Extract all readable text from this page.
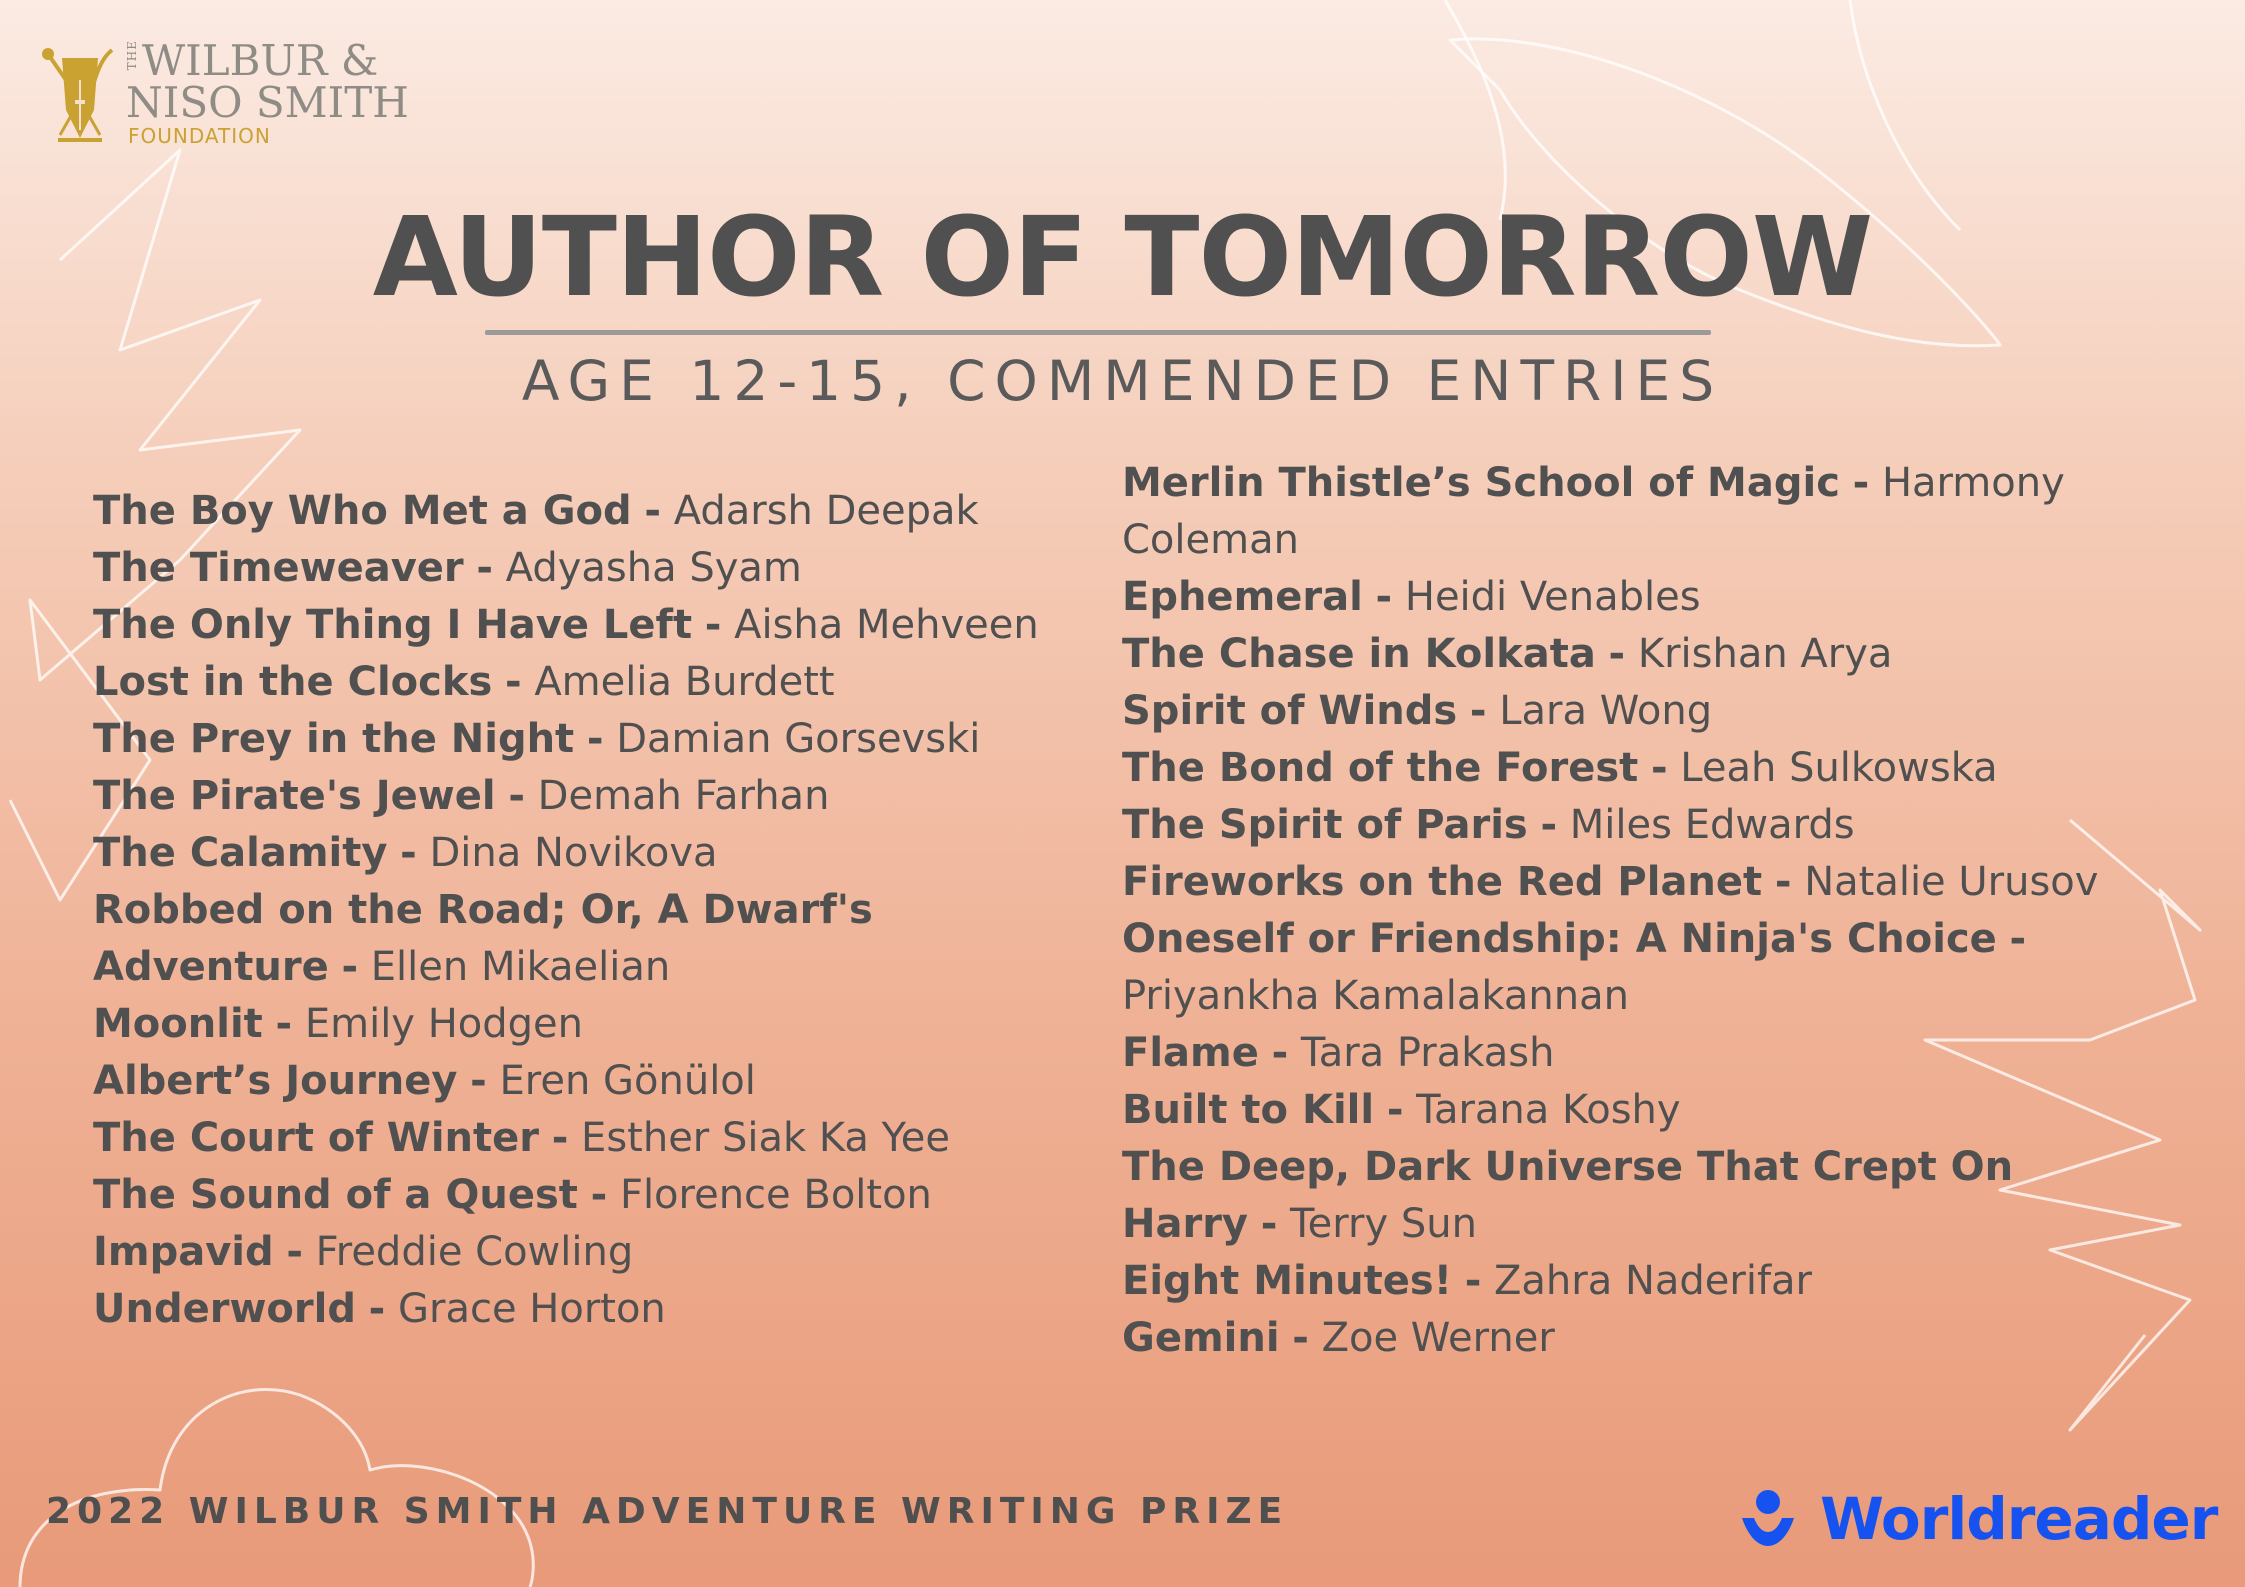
THEWILBUR &
NISO SMITH
FOUNDATION
AUTHOR OF TOMORROW
AGE 12-15, COMMENDED ENTRIES
The Boy Who Met a God - Adarsh Deepak
The Timeweaver - Adyasha Syam
The Only Thing I Have Left - Aisha Mehveen
Lost in the Clocks - Amelia Burdett
The Prey in the Night - Damian Gorsevski
The Pirate's Jewel - Demah Farhan
The Calamity - Dina Novikova
Robbed on the Road; Or, A Dwarf's Adventure - Ellen Mikaelian
Moonlit - Emily Hodgen
Albert’s Journey - Eren Gönülol
The Court of Winter - Esther Siak Ka Yee
The Sound of a Quest - Florence Bolton
Impavid - Freddie Cowling
Underworld - Grace Horton
Merlin Thistle’s School of Magic - Harmony Coleman
Ephemeral - Heidi Venables
The Chase in Kolkata - Krishan Arya
Spirit of Winds - Lara Wong
The Bond of the Forest - Leah Sulkowska
The Spirit of Paris - Miles Edwards
Fireworks on the Red Planet - Natalie Urusov
Oneself or Friendship: A Ninja's Choice - Priyankha Kamalakannan
Flame - Tara Prakash
Built to Kill - Tarana Koshy
The Deep, Dark Universe That Crept On Harry - Terry Sun
Eight Minutes! - Zahra Naderifar
Gemini - Zoe Werner
2022 WILBUR SMITH ADVENTURE WRITING PRIZE	Worldreader
